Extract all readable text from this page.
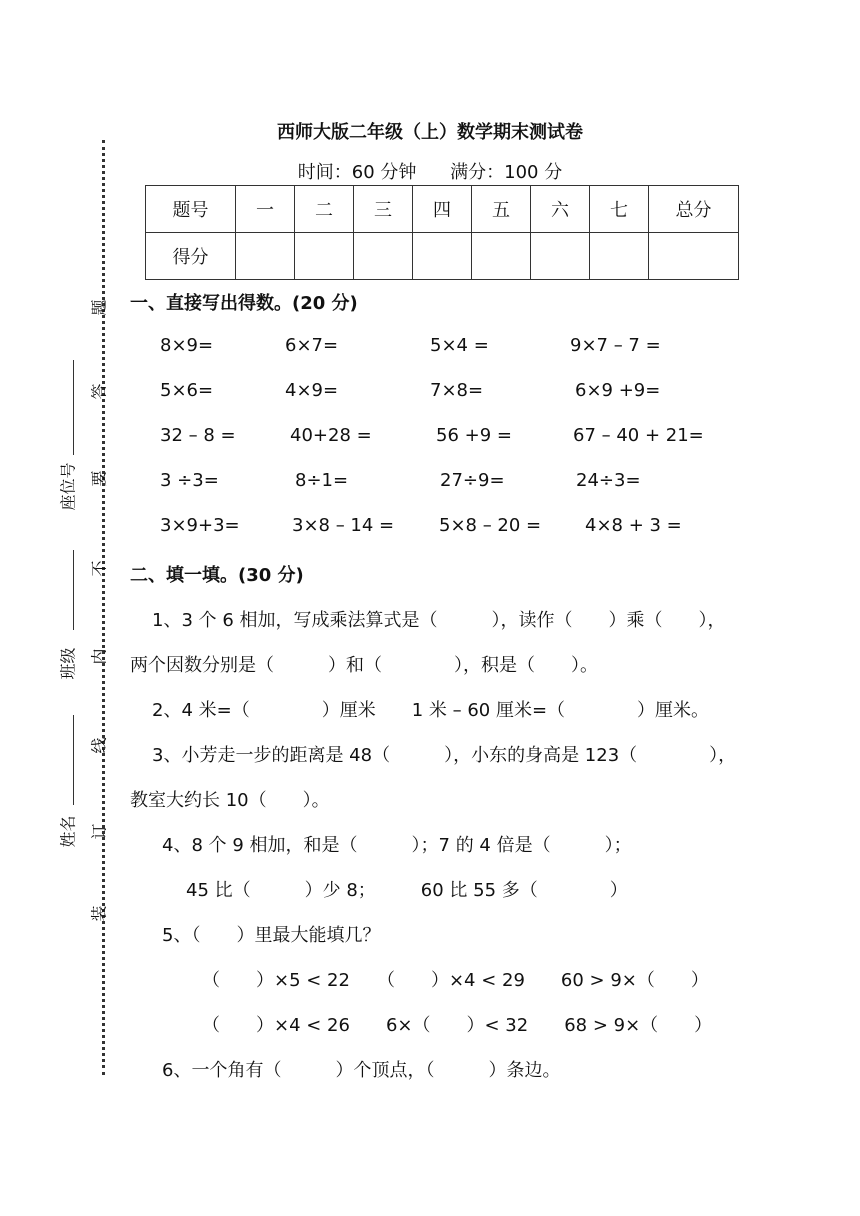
题
答
要
不
内
线
订
装
座位号
班级
姓名
西师大版二年级（上）数学期末测试卷
时间：60 分钟 满分：100 分
题号	一	二	三	四	五	六	七	总分
得分								
一、直接写出得数。(20 分)
8×9=	6×7=	5×4 =	9×7 – 7 =
5×6=	4×9=	7×8=	6×9 +9=
32 – 8 =	40+28 =	56 +9 =	67 – 40 + 21=
3 ÷3=	8÷1=	27÷9=	24÷3=
3×9+3=	3×8 – 14 = 5×8 – 20 = 4×8 + 3 =
二、填一填。(30 分)
1、3 个 6 相加，写成乘法算式是（　　　），读作（　　）乘（　　），
两个因数分别是（　　　）和（　　　　），积是（　　）。
2、4 米=（　　　　）厘米　　1 米 – 60 厘米=（　　　　）厘米。
3、小芳走一步的距离是 48（　　　），小东的身高是 123（　　　　），
教室大约长 10（　　）。
4、8 个 9 相加，和是（　　　）；7 的 4 倍是（　　　）；
45 比（　　　）少 8；　　　60 比 55 多（　　　　）
5、（　　）里最大能填几？
（　　）×5 < 22　　（　　）×4 < 29　　60 > 9×（　　）
（　　）×4 < 26　　6×（　　）< 32　　68 > 9×（　　）
6、一个角有（　　　）个顶点，（　　　）条边。
